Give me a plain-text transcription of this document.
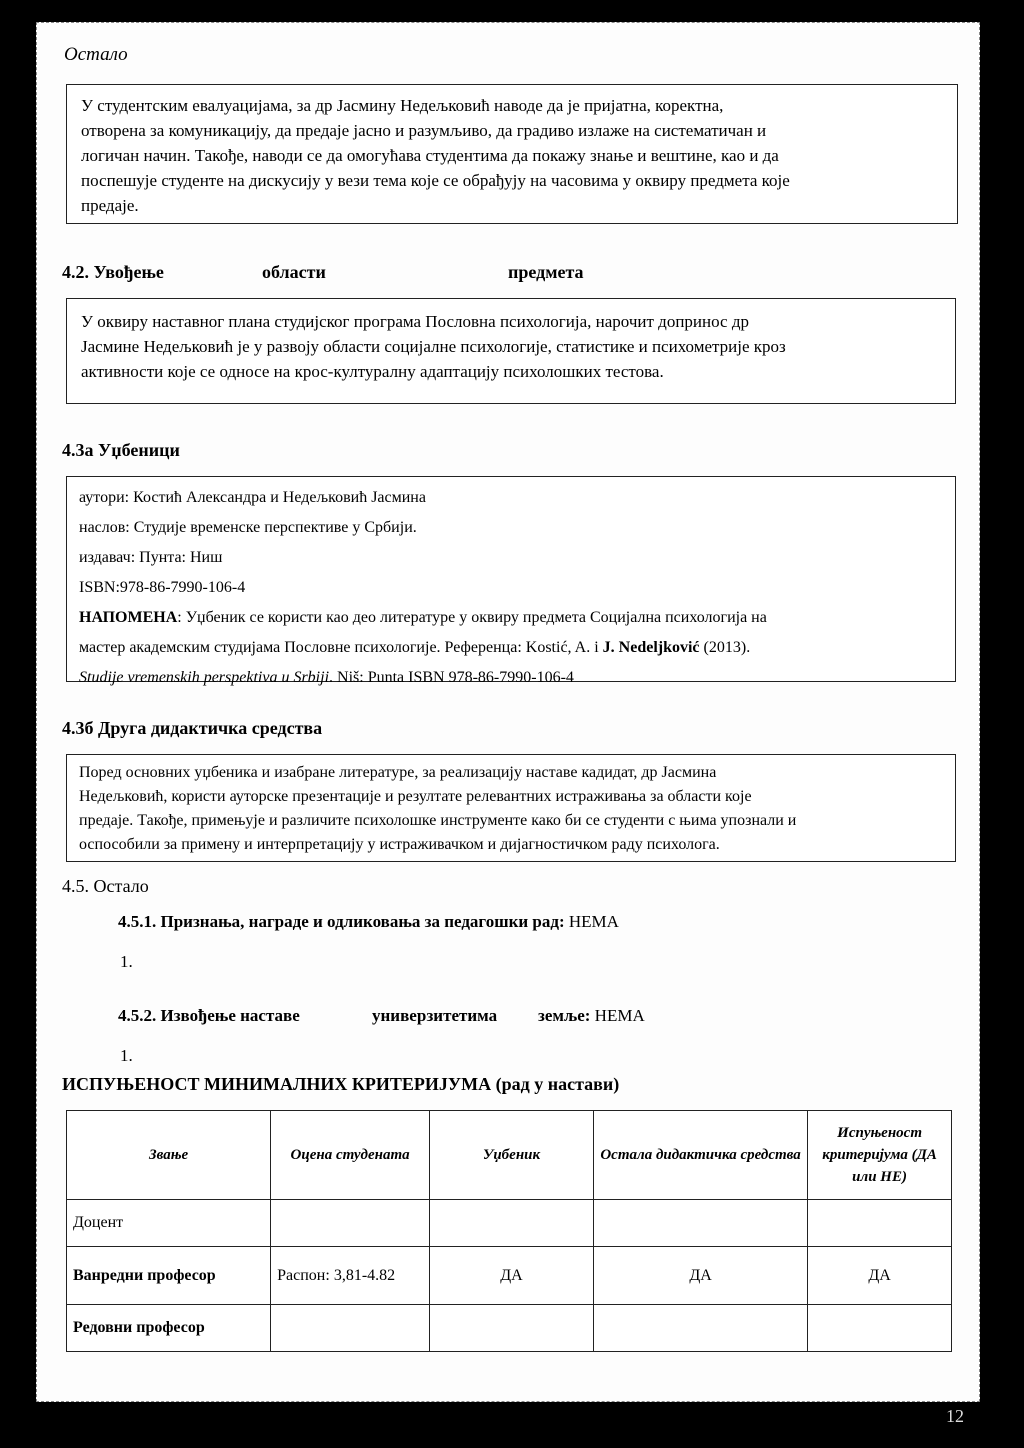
Остало
У студентским евалуацијама, за др Јасмину Недељковић наводе да је пријатна, коректна,
отворена за комуникацију, да предаје јасно и разумљиво, да градиво излаже на систематичан и
логичан начин. Такође, наводи се да омогућава студентима да покажу знање и вештине, као и да
поспешује студенте на дискусију у вези тема које се обрађују на часовима у оквиру предмета које
предаје.
4.2. Увођење	области	предмета
У оквиру наставног плана студијског програма Пословна психологија, нарочит допринос др
Јасмине Недељковић је у развоју области социјалне психологије, статистике и психометрије кроз
активности које се односе на крос-културалну адаптацију психолошких тестова.
4.3а Уџбеници
аутори: Костић Александра и Недељковић Јасмина
наслов: Студије временске перспективе у Србији.
издавач: Пунта: Ниш
ISBN:978-86-7990-106-4
НАПОМЕНА: Уџбеник се користи као део литературе у оквиру предмета Социјална психологија на
мастер академским студијама Пословне психологије. Референца: Kostić, A. i J. Nedeljković (2013).
Studije vremenskih perspektiva u Srbiji. Niš: Punta ISBN 978-86-7990-106-4
4.3б Друга дидактичка средства
Поред основних уџбеника и изабране литературе, за реализацију наставе кадидат, др Јасмина
Недељковић, користи ауторске презентације и резултате релевантних истраживања за области које
предаје. Такође, примењује и различите психолошке инструменте како би се студенти с њима упознали и
оспособили за примену и интерпретацију у истраживачком и дијагностичком раду психолога.
4.5. Остало
4.5.1. Признања, награде и одликовања за педагошки рад: НЕМА
1.
4.5.2. Извођење наставе	универзитетима земље: НЕМА
1.
ИСПУЊЕНОСТ МИНИМАЛНИХ КРИТЕРИЈУМА (рад у настави)
Звање	Оцена студената	Уџбеник	Остала дидактичка средства	Испуњеност критеријума (ДА или НЕ)
Доцент				
Ванредни професор	Распон: 3,81-4.82	ДА	ДА	ДА
Редовни професор				
12
